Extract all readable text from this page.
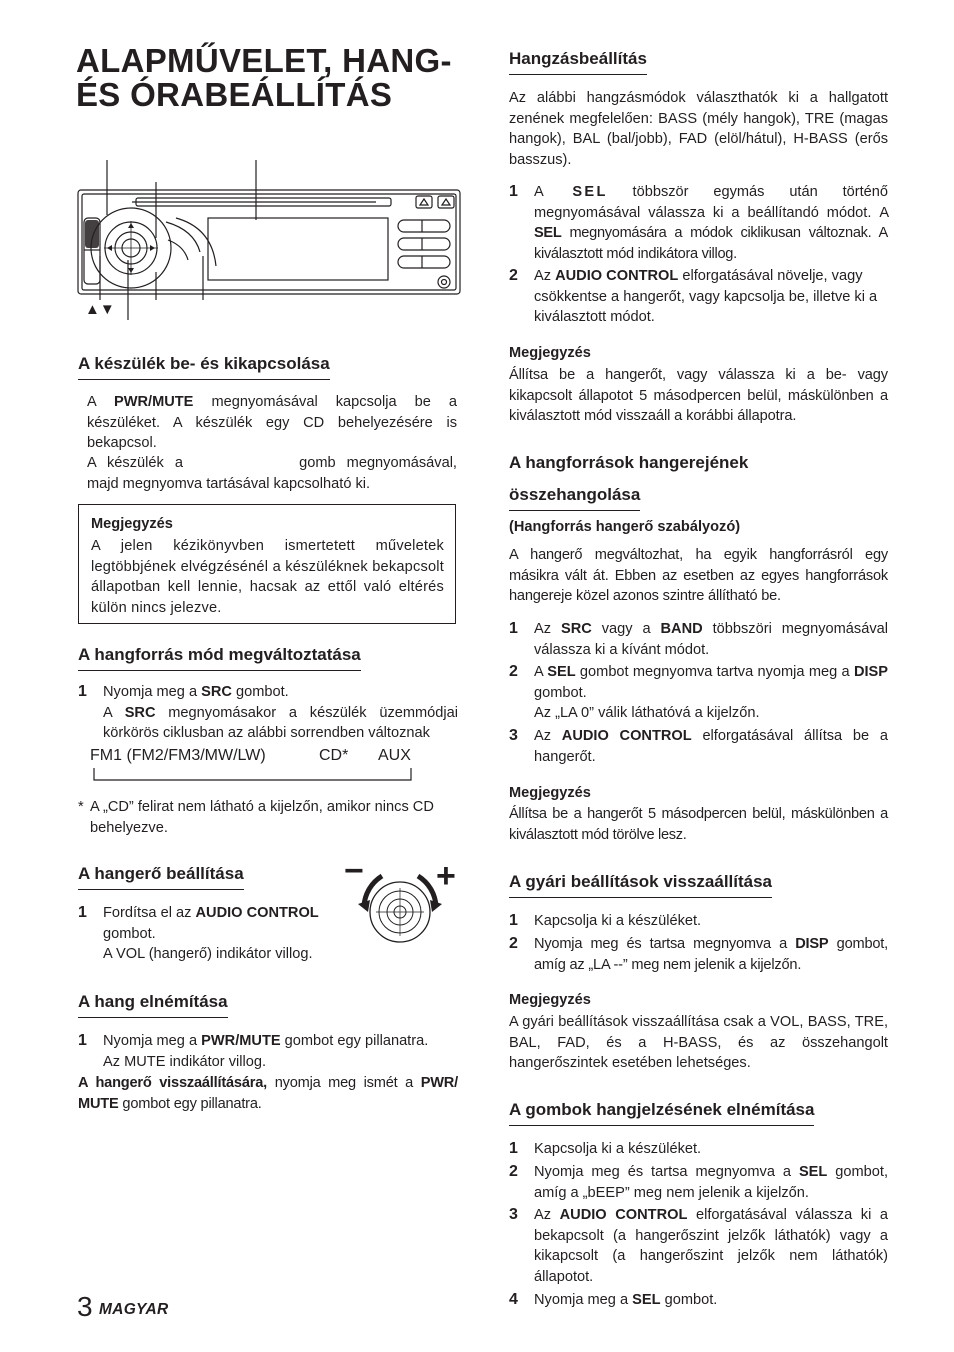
ALAPMŰVELET, HANG-
ÉS ÓRABEÁLLÍTÁS
▲▼
A készülék be- és kikapcsolása

A PWR/MUTE megnyomásával kapcsolja be a készüléket. A készülék egy CD behelyezésére is bekapcsol.

A készülék a	gomb megnyomásával, majd megnyomva tartásával kapcsolható ki.

Megjegyzés
A jelen kézikönyvben ismertetett műveletek legtöbbjének elvégzésénél a készüléknek bekapcsolt állapotban kell lennie, hacsak az ettől való eltérés külön nincs jelezve.
A hangforrás mód megváltoztatása
1 Nyomja meg a SRC gombot.
A SRC megnyomásakor a készülék üzemmódjai körkörös ciklusban az alábbi sorrendben változnak
FM1 (FM2/FM3/MW/LW)	CD* AUX
* A „CD” felirat nem látható a kijelzőn, amikor nincs CD behelyezve.
A hangerő beállítása
1 Fordítsa el az AUDIO CONTROL
gombot.
A VOL (hangerő) indikátor villog.
− +
A hang elnémítása
1 Nyomja meg a PWR/MUTE gombot egy pillanatra.
Az MUTE indikátor villog.

A hangerő visszaállítására, nyomja meg ismét a PWR/ MUTE gombot egy pillanatra.

3 MAGYAR
Hangzásbeállítás

Az alábbi hangzásmódok választhatók ki a hallgatott zenének megfelelően: BASS (mély hangok), TRE (magas hangok), BAL (bal/jobb), FAD (elöl/hátul), H-BASS (erős basszus).

1 A SEL többször egymás után történő megnyomásával válassza ki a beállítandó módot. A SEL megnyomására a módok ciklikusan változnak. A kiválasztott mód indikátora villog.
2 Az AUDIO CONTROL elforgatásával növelje, vagy csökkentse a hangerőt, vagy kapcsolja be, illetve ki a kiválasztott módot.
Megjegyzés

Állítsa be a hangerőt, vagy válassza ki a be- vagy kikapcsolt állapotot 5 másodpercen belül, máskülönben a kiválasztott mód visszaáll a korábbi állapotra.

A hangforrások hangerejének
összehangolása
(Hangforrás hangerő szabályozó)

A hangerő megváltozhat, ha egyik hangforrásról egy másikra vált át. Ebben az esetben az egyes hangforrások hangereje közel azonos szintre állítható be.

1 Az SRC vagy a BAND többszöri megnyomásával válassza ki a kívánt módot.
2 A SEL gombot megnyomva tartva nyomja meg a DISP gombot.
Az „LA 0” válik láthatóvá a kijelzőn.
3 Az AUDIO CONTROL elforgatásával állítsa be a hangerőt.
Megjegyzés

Állítsa be a hangerőt 5 másodpercen belül, máskülönben a kiválasztott mód törölve lesz.

A gyári beállítások visszaállítása
1 Kapcsolja ki a készüléket.
2 Nyomja meg és tartsa megnyomva a DISP gombot, amíg az „LA --” meg nem jelenik a kijelzőn.
Megjegyzés

A gyári beállítások visszaállítása csak a VOL, BASS, TRE, BAL, FAD, és a H-BASS, és az összehangolt hangerőszintek esetében lehetséges.

A gombok hangjelzésének elnémítása
1 Kapcsolja ki a készüléket.
2 Nyomja meg és tartsa megnyomva a SEL gombot, amíg a „bEEP” meg nem jelenik a kijelzőn.
3 Az AUDIO CONTROL elforgatásával válassza ki a bekapcsolt (a hangerőszint jelzők láthatók) vagy a kikapcsolt (a hangerőszint jelzők nem láthatók) állapotot.
4 Nyomja meg a SEL gombot.
